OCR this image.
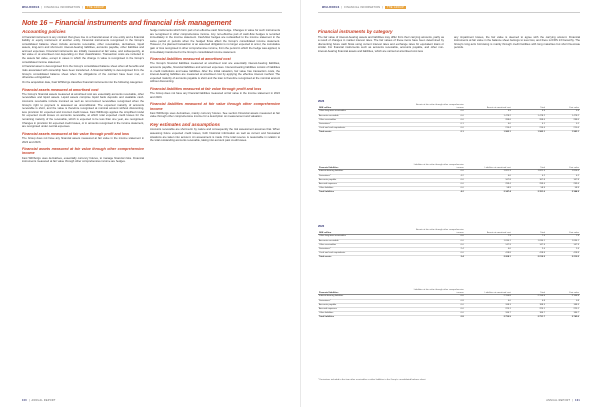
WIHLBORGS  |  FINANCIAL INFORMATION  |  THE GROUP
Note 16 – Financial instruments and financial risk management
Accounting policies

A financial instrument is any contract that gives rise to a financial asset of one entity and a financial liability or equity instrument of another entity. Financial instruments recognised in the Group's consolidated balance sheet include accounts receivable, other receivables, derivatives, liquid assets, long-term and short-term interest-bearing liabilities, accounts payable, other liabilities and accrued expenses. Financial instruments are initially measured at fair value, and subsequently, at fair value or at amortised cost depending on their classification. Transaction costs are included in the assets fair value, except in cases in which the change in value is recognised in the Group's consolidated income statement.

A financial asset is derecognised from the Group's consolidated balance sheet when all benefits and risks associated with ownership have been transferred. A financial liability is derecognised from the Group's consolidated balance sheet when the obligations of the contract have been met, or otherwise extinguished.

On the acquisition date, Fast Wihlborgs classifies financial instruments into the following categories:

Financial assets measured at amortised cost

The Group's financial assets measured at amortised cost are essentially accounts receivable, other receivables and liquid assets. Liquid assets comprise liquid bank deposits and available cash. Accounts receivable include invoiced as well as non-invoiced receivables recognised when the Group's right to payment is assessed as unconditional. The expected maturity of accounts receivable is short, and the value is therefore recognised at nominal amount without discounting, less provision for expected and incurred credit losses. Fast Wihlborgs applies the simplified model for expected credit losses on accounts receivable, at which total expected credit losses for the remaining maturity of the receivable, which is expected to be less than one year, are recognised. Changes in provision for expected credit losses, or in amounts recognised in the income statement, are recognised under central expenses.

Financial assets measured at fair value through profit and loss

The Group does not have any financial assets measured at fair value in the income statement in 2022 and 2023.

Financial assets measured at fair value through other comprehensive income

Fast Wihlborgs uses derivatives, essentially currency futures, to manage financial risks. Financial instruments measured at fair value through other comprehensive income are hedges.

hedge instruments which form part of an effective cash flow hedge. Changes in value for such instruments are recognised in other comprehensive income. Any non-effective part of cash-flow hedges is recorded immediately in the income statement. Cash-flow hedges are reclassified to the income statement in the same period or periods when the hedged flows affect the Group's consolidated income statement. However, if a planned transaction or an assumed obligation is no longer expected to occur, the cumulative gain or loss recognised in other comprehensive income, from the period in which the hedge was applied, is immediately transferred to the Group's consolidated income statement.

Financial liabilities measured at amortised cost

The Group's financial liabilities measured at amortised cost are essentially interest-bearing liabilities, accounts payable, financial liabilities and accrued expenses. Interest-bearing liabilities consist of liabilities to credit institutions and lease liabilities. After the initial valuation, fair value has transaction costs, the interest-bearing liabilities are measured at amortised cost by applying the effective interest method. The expected maturity of accounts payable is short and the loan is therefore recognised at the nominal amount without discounting.

Financial liabilities measured at fair value through profit and loss

The Group does not have any financial liabilities measured at fair value in the income statement in 2022 and 2023.

Financial liabilities measured at fair value through other comprehensive income

Fast Wihlborgs uses derivatives, mainly currency futures. See section Financial assets measured at fair value through other comprehensive income for a description on measurement and valuation.

Key estimates and assumptions

Accounts receivable are short-term by nature and consequently the risk assessment assumes that. When assessing future expected credit losses, both historical information as well as current and forecasted situations are taken into account. An assessment is made if the total reserve is reasonable in relation to the total outstanding accounts receivable, taking into account past credit losses.

100  |  ANNUAL REPORT
WIHLBORGS  |  FINANCIAL INFORMATION  |  THE GROUP
Financial instruments by category

The fair value of interest-bearing assets and liabilities may differ from their carrying amounts, partly as a result of changes in market interest rates. The fair values of these items have been determined by discounting future cash flows using current interest rates and exchange rates for equivalent loans or similar. For financial instruments such as accounts receivable, accounts payable, and other non-interest-bearing financial assets and liabilities, which are carried at amortised cost less

any impairment losses, the fair value is deemed to agree with the carrying amount. Financial instruments at fair value in the balance sheet belongs to level two, and there is IFRS 13 hierarchy. The Group's long-term borrowing is mainly through credit facilities with long maturities but short fixed-rate periods.

2023
SEK million	Assets at fair value through other comprehensive income	Assets at amortised cost	Total	Fair value
Other long-term receivables	0.0	5.9	5.9	5.9
Accounts receivable	0.0	1 478.2	1 478.2	1 478.2
Other receivables	0.0	288.6	288.6	288.6
Derivatives*	0.1	0.0	0.1	0.1
Cash and cash equivalents	0.0	210.4	210.4	210.4
Total assets	0.1	1 983.1	1 983.1	1 983.1
Financial liabilities	Liabilities at fair value through other comprehensive income	Liabilities at amortised cost	Total	Fair value
Interest-bearing liabilities	0.0	1 821.3	1 821.3	1 814.6
Derivatives*	4.2	0.0	4.2	4.2
Accounts payable	0.0	167.8	167.8	167.8
Accrued expenses	0.0	299.4	299.4	299.4
Other liabilities	0.0	58.9	58.9	58.9
Total liabilities	4.2	2 347.4	2 351.6	2 344.9
2022
SEK million	Assets at fair value through other comprehensive income	Assets at amortised cost	Total	Fair value
Other long-term receivables	0.0	7.3	7.3	7.3
Accounts receivable	0.0	1 634.1	1 634.1	1 634.1
Other receivables	0.0	147.9	147.9	147.9
Derivatives*	2.4	0.0	2.4	2.4
Cash and cash equivalents	0.0	418.8	418.8	418.8
Total assets	2.4	2 208.1	2 210.5	2 210.5
Financial liabilities	Liabilities at fair value through other comprehensive income	Liabilities at amortised cost	Total	Fair value
Interest-bearing liabilities	0.0	2 150.8	2 150.8	2 144.8
Derivatives*	0.8	0.0	0.8	0.8
Accounts payable	0.0	188.3	188.3	188.3
Accrued expenses	0.0	225.1	225.1	225.1
Other liabilities	0.0	186.7	186.7	186.7
Total liabilities	0.8	2 750.9	2 751.7	2 745.6
* Derivatives included in the item other receivables or other liabilities in the Group's consolidated balance sheet.
ANNUAL REPORT  |  101
